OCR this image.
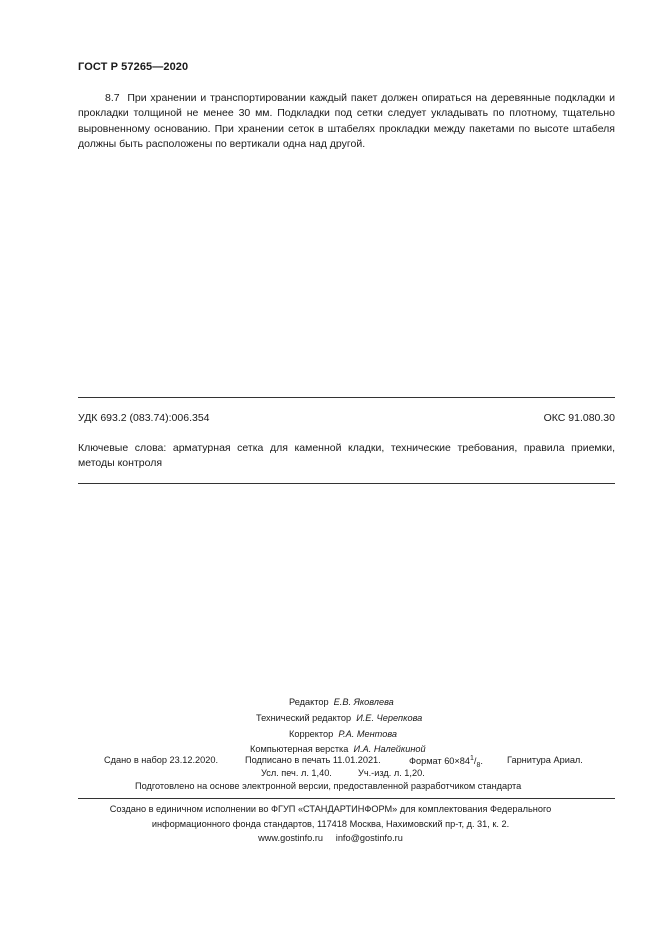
ГОСТ Р 57265—2020
8.7 При хранении и транспортировании каждый пакет должен опираться на деревянные подкладки и прокладки толщиной не менее 30 мм. Подкладки под сетки следует укладывать по плотному, тщательно выровненному основанию. При хранении сеток в штабелях прокладки между пакетами по высоте штабеля должны быть расположены по вертикали одна над другой.
УДК 693.2 (083.74):006.354	ОКС 91.080.30
Ключевые слова: арматурная сетка для каменной кладки, технические требования, правила приемки, методы контроля
Редактор Е.В. Яковлева
Технический редактор И.Е. Черепкова
Корректор Р.А. Ментова
Компьютерная верстка И.А. Налейкиной
Сдано в набор 23.12.2020.	Подписано в печать 11.01.2021.	Формат $60\times 84^1/_8$.	Гарнитура Ариал.
Усл. печ. л. 1,40.	Уч.-изд. л. 1,20.
Подготовлено на основе электронной версии, предоставленной разработчиком стандарта
Создано в единичном исполнении во ФГУП «СТАНДАРТИНФОРМ» для комплектования Федерального
информационного фонда стандартов, 117418 Москва, Нахимовский пр-т, д. 31, к. 2.
www.gostinfo.ru info@gostinfo.ru
